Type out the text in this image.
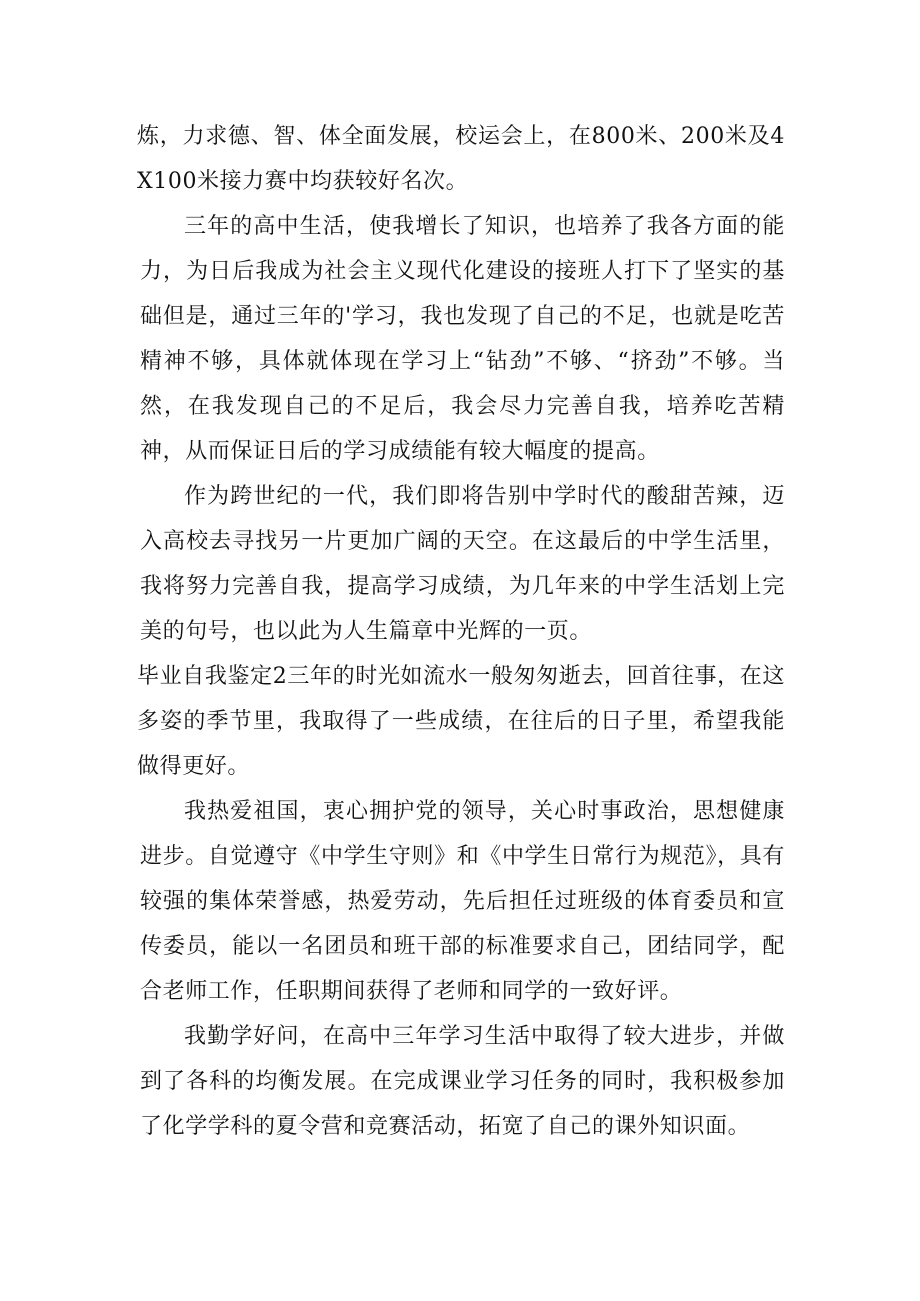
炼，力求德、智、体全面发展，校运会上，在800米、200米及4X100米接力赛中均获较好名次。

三年的高中生活，使我增长了知识，也培养了我各方面的能力，为日后我成为社会主义现代化建设的接班人打下了坚实的基础但是，通过三年的'学习，我也发现了自己的不足，也就是吃苦精神不够，具体就体现在学习上“钻劲”不够、“挤劲”不够。当然，在我发现自己的不足后，我会尽力完善自我，培养吃苦精神，从而保证日后的学习成绩能有较大幅度的提高。

作为跨世纪的一代，我们即将告别中学时代的酸甜苦辣，迈入高校去寻找另一片更加广阔的天空。在这最后的中学生活里，我将努力完善自我，提高学习成绩，为几年来的中学生活划上完美的句号，也以此为人生篇章中光辉的一页。

毕业自我鉴定2三年的时光如流水一般匆匆逝去，回首往事，在这多姿的季节里，我取得了一些成绩，在往后的日子里，希望我能做得更好。

我热爱祖国，衷心拥护党的领导，关心时事政治，思想健康进步。自觉遵守《中学生守则》和《中学生日常行为规范》，具有较强的集体荣誉感，热爱劳动，先后担任过班级的体育委员和宣传委员，能以一名团员和班干部的标准要求自己，团结同学，配合老师工作，任职期间获得了老师和同学的一致好评。

我勤学好问，在高中三年学习生活中取得了较大进步，并做到了各科的均衡发展。在完成课业学习任务的同时，我积极参加了化学学科的夏令营和竞赛活动，拓宽了自己的课外知识面。
